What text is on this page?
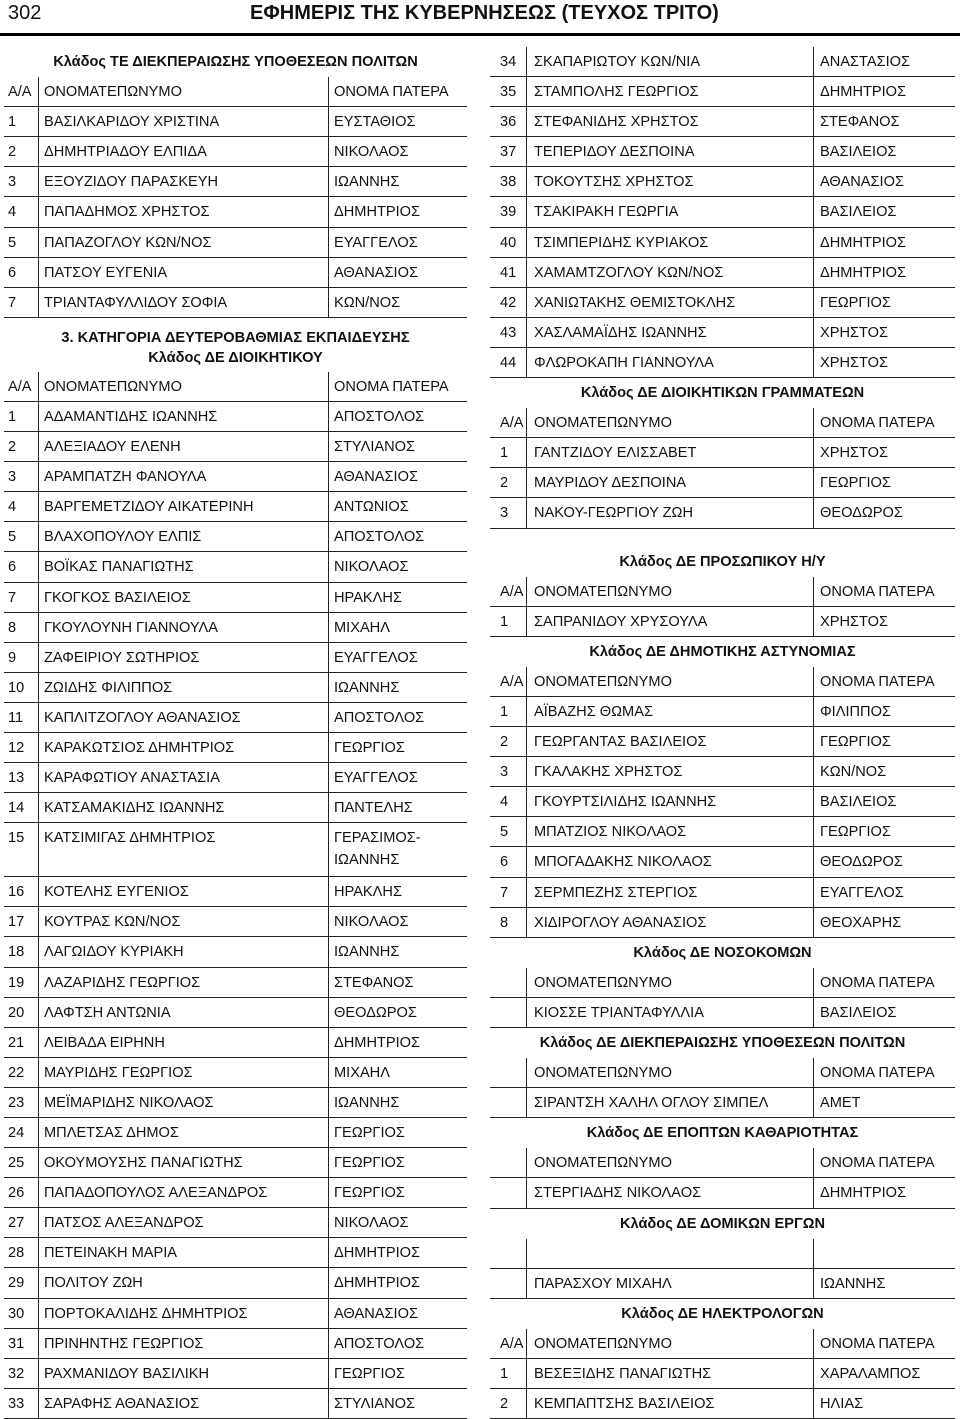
302	ΕΦΗΜΕΡΙΣ ΤΗΣ ΚΥΒΕΡΝΗΣΕΩΣ (ΤΕΥΧΟΣ ΤΡΙΤΟ)
Κλάδος ΤΕ ΔΙΕΚΠΕΡΑΙΩΣΗΣ ΥΠΟΘΕΣΕΩΝ ΠΟΛΙΤΩΝ
Α/Α ΟΝΟΜΑΤΕΠΩΝΥΜΟ	ΟΝΟΜΑ ΠΑΤΕΡΑ
1	ΒΑΣΙΛΚΑΡΙΔΟΥ ΧΡΙΣΤΙΝΑ	ΕΥΣΤΑΘΙΟΣ
2	ΔΗΜΗΤΡΙΑΔΟΥ ΕΛΠΙΔΑ	ΝΙΚΟΛΑΟΣ
3	ΕΞΟΥΖΙΔΟΥ ΠΑΡΑΣΚΕΥΗ	ΙΩΑΝΝΗΣ
4	ΠΑΠΑΔΗΜΟΣ ΧΡΗΣΤΟΣ	ΔΗΜΗΤΡΙΟΣ
5	ΠΑΠΑΖΟΓΛΟΥ ΚΩΝ/ΝΟΣ	ΕΥΑΓΓΕΛΟΣ
6	ΠΑΤΣΟΥ ΕΥΓΕΝΙΑ	ΑΘΑΝΑΣΙΟΣ
7	ΤΡΙΑΝΤΑΦΥΛΛΙΔΟΥ ΣΟΦΙΑ	ΚΩΝ/ΝΟΣ
3. ΚΑΤΗΓΟΡΙΑ ΔΕΥΤΕΡΟΒΑΘΜΙΑΣ ΕΚΠΑΙΔΕΥΣΗΣ
Κλάδος ΔΕ ΔΙΟΙΚΗΤΙΚΟΥ
Α/Α ΟΝΟΜΑΤΕΠΩΝΥΜΟ	ΟΝΟΜΑ ΠΑΤΕΡΑ
1	ΑΔΑΜΑΝΤΙΔΗΣ ΙΩΑΝΝΗΣ	ΑΠΟΣΤΟΛΟΣ
2	ΑΛΕΞΙΑΔΟΥ ΕΛΕΝΗ	ΣΤΥΛΙΑΝΟΣ
3	ΑΡΑΜΠΑΤΖΗ ΦΑΝΟΥΛΑ	ΑΘΑΝΑΣΙΟΣ
4	ΒΑΡΓΕΜΕΤΖΙΔΟΥ ΑΙΚΑΤΕΡΙΝΗ	ΑΝΤΩΝΙΟΣ
5	ΒΛΑΧΟΠΟΥΛΟΥ ΕΛΠΙΣ	ΑΠΟΣΤΟΛΟΣ
6	ΒΟΪΚΑΣ ΠΑΝΑΓΙΩΤΗΣ	ΝΙΚΟΛΑΟΣ
7	ΓΚΟΓΚΟΣ ΒΑΣΙΛΕΙΟΣ	ΗΡΑΚΛΗΣ
8	ΓΚΟΥΛΟΥΝΗ ΓΙΑΝΝΟΥΛΑ	ΜΙΧΑΗΛ
9	ΖΑΦΕΙΡΙΟΥ ΣΩΤΗΡΙΟΣ	ΕΥΑΓΓΕΛΟΣ
10	ΖΩΙΔΗΣ ΦΙΛΙΠΠΟΣ	ΙΩΑΝΝΗΣ
11	ΚΑΠΛΙΤΖΟΓΛΟΥ ΑΘΑΝΑΣΙΟΣ	ΑΠΟΣΤΟΛΟΣ
12	ΚΑΡΑΚΩΤΣΙΟΣ ΔΗΜΗΤΡΙΟΣ	ΓΕΩΡΓΙΟΣ
13	ΚΑΡΑΦΩΤΙΟΥ ΑΝΑΣΤΑΣΙΑ	ΕΥΑΓΓΕΛΟΣ
14	ΚΑΤΣΑΜΑΚΙΔΗΣ ΙΩΑΝΝΗΣ	ΠΑΝΤΕΛΗΣ
15	ΚΑΤΣΙΜΙΓΑΣ ΔΗΜΗΤΡΙΟΣ	ΓΕΡΑΣΙΜΟΣ-ΙΩΑΝΝΗΣ
16	ΚΟΤΕΛΗΣ ΕΥΓΕΝΙΟΣ	ΗΡΑΚΛΗΣ
17	ΚΟΥΤΡΑΣ ΚΩΝ/ΝΟΣ	ΝΙΚΟΛΑΟΣ
18	ΛΑΓΩΙΔΟΥ ΚΥΡΙΑΚΗ	ΙΩΑΝΝΗΣ
19	ΛΑΖΑΡΙΔΗΣ ΓΕΩΡΓΙΟΣ	ΣΤΕΦΑΝΟΣ
20	ΛΑΦΤΣΗ ΑΝΤΩΝΙΑ	ΘΕΟΔΩΡΟΣ
21	ΛΕΙΒΑΔΑ ΕΙΡΗΝΗ	ΔΗΜΗΤΡΙΟΣ
22	ΜΑΥΡΙΔΗΣ ΓΕΩΡΓΙΟΣ	ΜΙΧΑΗΛ
23	ΜΕΪΜΑΡΙΔΗΣ ΝΙΚΟΛΑΟΣ	ΙΩΑΝΝΗΣ
24	ΜΠΛΕΤΣΑΣ ΔΗΜΟΣ	ΓΕΩΡΓΙΟΣ
25	ΟΚΟΥΜΟΥΣΗΣ ΠΑΝΑΓΙΩΤΗΣ	ΓΕΩΡΓΙΟΣ
26	ΠΑΠΑΔΟΠΟΥΛΟΣ ΑΛΕΞΑΝΔΡΟΣ	ΓΕΩΡΓΙΟΣ
27	ΠΑΤΣΟΣ ΑΛΕΞΑΝΔΡΟΣ	ΝΙΚΟΛΑΟΣ
28	ΠΕΤΕΙΝΑΚΗ ΜΑΡΙΑ	ΔΗΜΗΤΡΙΟΣ
29	ΠΟΛΙΤΟΥ ΖΩΗ	ΔΗΜΗΤΡΙΟΣ
30	ΠΟΡΤΟΚΑΛΙΔΗΣ ΔΗΜΗΤΡΙΟΣ	ΑΘΑΝΑΣΙΟΣ
31	ΠΡΙΝΗΝΤΗΣ ΓΕΩΡΓΙΟΣ	ΑΠΟΣΤΟΛΟΣ
32	ΡΑΧΜΑΝΙΔΟΥ ΒΑΣΙΛΙΚΗ	ΓΕΩΡΓΙΟΣ
33	ΣΑΡΑΦΗΣ ΑΘΑΝΑΣΙΟΣ	ΣΤΥΛΙΑΝΟΣ
34	ΣΚΑΠΑΡΙΩΤΟΥ ΚΩΝ/ΝΙΑ	ΑΝΑΣΤΑΣΙΟΣ
35	ΣΤΑΜΠΟΛΗΣ ΓΕΩΡΓΙΟΣ	ΔΗΜΗΤΡΙΟΣ
36	ΣΤΕΦΑΝΙΔΗΣ ΧΡΗΣΤΟΣ	ΣΤΕΦΑΝΟΣ
37	ΤΕΠΕΡΙΔΟΥ ΔΕΣΠΟΙΝΑ	ΒΑΣΙΛΕΙΟΣ
38	ΤΟΚΟΥΤΣΗΣ ΧΡΗΣΤΟΣ	ΑΘΑΝΑΣΙΟΣ
39	ΤΣΑΚΙΡΑΚΗ ΓΕΩΡΓΙΑ	ΒΑΣΙΛΕΙΟΣ
40	ΤΣΙΜΠΕΡΙΔΗΣ ΚΥΡΙΑΚΟΣ	ΔΗΜΗΤΡΙΟΣ
41	ΧΑΜΑΜΤΖΟΓΛΟΥ ΚΩΝ/ΝΟΣ	ΔΗΜΗΤΡΙΟΣ
42	ΧΑΝΙΩΤΑΚΗΣ ΘΕΜΙΣΤΟΚΛΗΣ	ΓΕΩΡΓΙΟΣ
43	ΧΑΣΛΑΜΑΪΔΗΣ ΙΩΑΝΝΗΣ	ΧΡΗΣΤΟΣ
44	ΦΛΩΡΟΚΑΠΗ ΓΙΑΝΝΟΥΛΑ	ΧΡΗΣΤΟΣ
Κλάδος ΔΕ ΔΙΟΙΚΗΤΙΚΩΝ ΓΡΑΜΜΑΤΕΩΝ
Α/Α ΟΝΟΜΑΤΕΠΩΝΥΜΟ	ΟΝΟΜΑ ΠΑΤΕΡΑ
1	ΓΑΝΤΖΙΔΟΥ ΕΛΙΣΣΑΒΕΤ	ΧΡΗΣΤΟΣ
2	ΜΑΥΡΙΔΟΥ ΔΕΣΠΟΙΝΑ	ΓΕΩΡΓΙΟΣ
3	ΝΑΚΟΥ-ΓΕΩΡΓΙΟΥ ΖΩΗ	ΘΕΟΔΩΡΟΣ
Κλάδος ΔΕ ΠΡΟΣΩΠΙΚΟΥ Η/Υ
Α/Α ΟΝΟΜΑΤΕΠΩΝΥΜΟ	ΟΝΟΜΑ ΠΑΤΕΡΑ
1	ΣΑΠΡΑΝΙΔΟΥ ΧΡΥΣΟΥΛΑ	ΧΡΗΣΤΟΣ
Κλάδος ΔΕ ΔΗΜΟΤΙΚΗΣ ΑΣΤΥΝΟΜΙΑΣ
Α/Α ΟΝΟΜΑΤΕΠΩΝΥΜΟ	ΟΝΟΜΑ ΠΑΤΕΡΑ
1	ΑΪΒΑΖΗΣ ΘΩΜΑΣ	ΦΙΛΙΠΠΟΣ
2	ΓΕΩΡΓΑΝΤΑΣ ΒΑΣΙΛΕΙΟΣ	ΓΕΩΡΓΙΟΣ
3	ΓΚΑΛΑΚΗΣ ΧΡΗΣΤΟΣ	ΚΩΝ/ΝΟΣ
4	ΓΚΟΥΡΤΣΙΛΙΔΗΣ ΙΩΑΝΝΗΣ	ΒΑΣΙΛΕΙΟΣ
5	ΜΠΑΤΖΙΟΣ ΝΙΚΟΛΑΟΣ	ΓΕΩΡΓΙΟΣ
6	ΜΠΟΓΑΔΑΚΗΣ ΝΙΚΟΛΑΟΣ	ΘΕΟΔΩΡΟΣ
7	ΣΕΡΜΠΕΖΗΣ ΣΤΕΡΓΙΟΣ	ΕΥΑΓΓΕΛΟΣ
8	ΧΙΔΙΡΟΓΛΟΥ ΑΘΑΝΑΣΙΟΣ	ΘΕΟΧΑΡΗΣ
Κλάδος ΔΕ ΝΟΣΟΚΟΜΩΝ
ΟΝΟΜΑΤΕΠΩΝΥΜΟ	ΟΝΟΜΑ ΠΑΤΕΡΑ
ΚΙΟΣΣΕ ΤΡΙΑΝΤΑΦΥΛΛΙΑ	ΒΑΣΙΛΕΙΟΣ
Κλάδος ΔΕ ΔΙΕΚΠΕΡΑΙΩΣΗΣ ΥΠΟΘΕΣΕΩΝ ΠΟΛΙΤΩΝ
ΟΝΟΜΑΤΕΠΩΝΥΜΟ	ΟΝΟΜΑ ΠΑΤΕΡΑ
ΣΙΡΑΝΤΣΗ ΧΑΛΗΛ ΟΓΛΟΥ ΣΙΜΠΕΛ	ΑΜΕΤ
Κλάδος ΔΕ ΕΠΟΠΤΩΝ ΚΑΘΑΡΙΟΤΗΤΑΣ
ΟΝΟΜΑΤΕΠΩΝΥΜΟ	ΟΝΟΜΑ ΠΑΤΕΡΑ
ΣΤΕΡΓΙΑΔΗΣ ΝΙΚΟΛΑΟΣ	ΔΗΜΗΤΡΙΟΣ
Κλάδος ΔΕ ΔΟΜΙΚΩΝ ΕΡΓΩΝ
ΠΑΡΑΣΧΟΥ ΜΙΧΑΗΛ	ΙΩΑΝΝΗΣ
Κλάδος ΔΕ ΗΛΕΚΤΡΟΛΟΓΩΝ
Α/Α ΟΝΟΜΑΤΕΠΩΝΥΜΟ	ΟΝΟΜΑ ΠΑΤΕΡΑ
1	ΒΕΣΕΞΙΔΗΣ ΠΑΝΑΓΙΩΤΗΣ	ΧΑΡΑΛΑΜΠΟΣ
2	ΚΕΜΠΑΠΤΣΗΣ ΒΑΣΙΛΕΙΟΣ	ΗΛΙΑΣ
